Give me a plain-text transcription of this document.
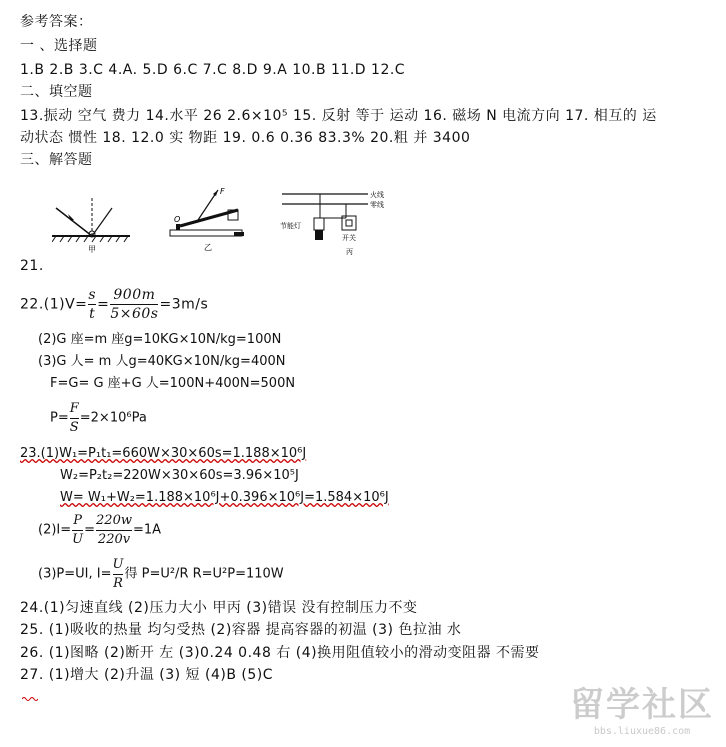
参考答案：
一 、选择题
1.B 2.B 3.C 4.A. 5.D 6.C 7.C 8.D 9.A 10.B 11.D 12.C
二、填空题
13.振动 空气 费力 14.水平 26 2.6×10⁵ 15. 反射 等于 运动 16. 磁场 N 电流方向 17. 相互的 运
动状态 惯性 18. 12.0 实 物距 19. 0.6 0.36 83.3% 20.粗 并 3400
三、解答题
甲
F
O
乙
火线
零线
节能灯
开关
丙
21.
$22.(1)V= \frac{s}{t} = \frac{900m}{5\times 60s} =3m/s$
(2)G 座=m 座g=10KG×10N/kg=100N
(3)G 人= m 人g=40KG×10N/kg=400N
F=G= G 座+G 人=100N+400N=500N
$P= \frac{F}{S} =2\times 10^6Pa$
23.(1)W₁=P₁t₁=660W×30×60s=1.188×10⁶J
W₂=P₂t₂=220W×30×60s=3.96×10⁵J
W= W₁+W₂=1.188×10⁶J+0.396×10⁶J=1.584×10⁶J
$(2)I= \frac{P}{U} = \frac{220w}{220v} =1A$
(3)P=UI, $I= \frac{U}{R}$ 得 P=U²/R R=U²P=110W
24.(1)匀速直线 (2)压力大小 甲丙 (3)错误 没有控制压力不变
25. (1)吸收的热量 均匀受热 (2)容器 提高容器的初温 (3) 色拉油 水
26. (1)图略 (2)断开 左 (3)0.24 0.48 右 (4)换用阻值较小的滑动变阻器 不需要
27. (1)增大 (2)升温 (3) 短 (4)B (5)C
留学社区
bbs.liuxue86.com
